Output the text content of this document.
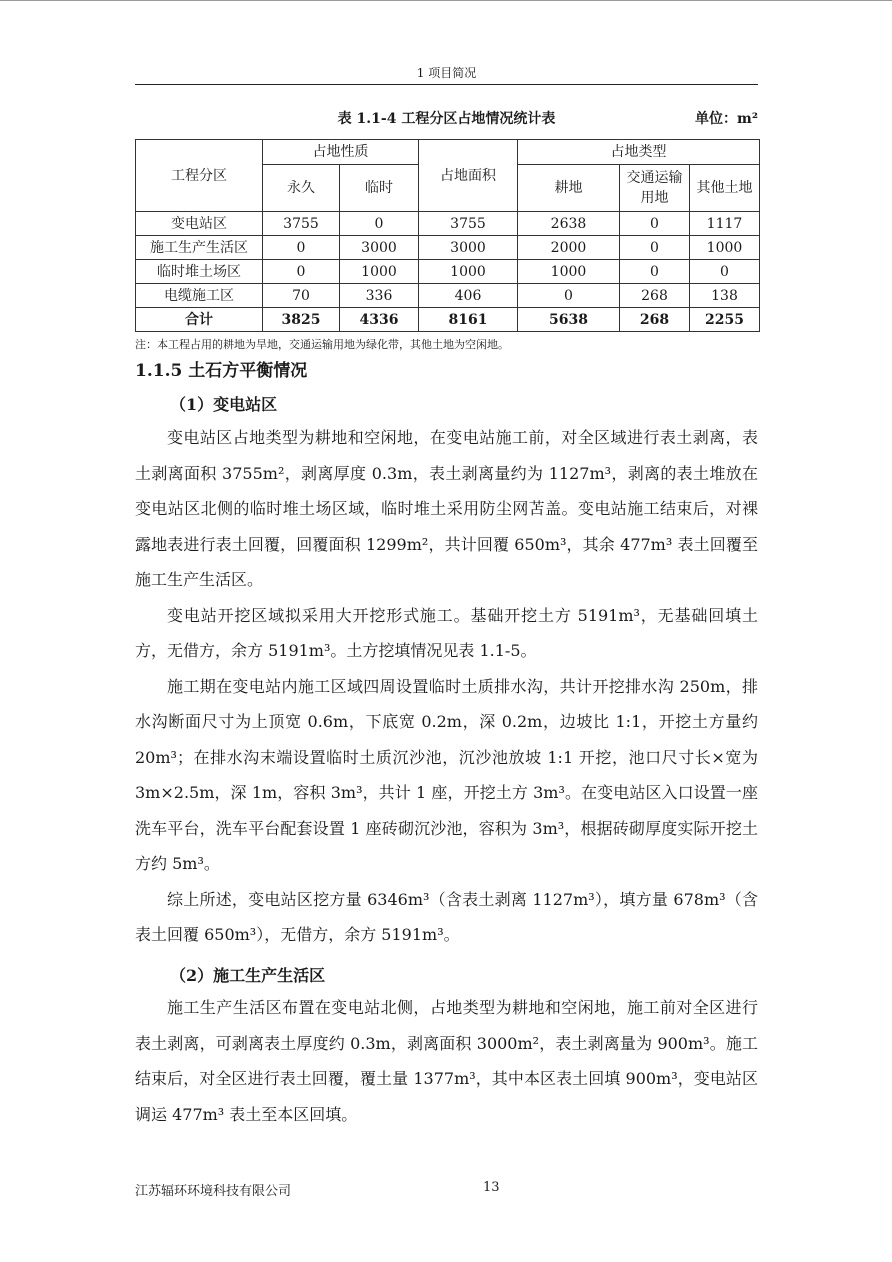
1 项目简况
表 1.1-4 工程分区占地情况统计表	单位：m²
工程分区	占地性质		占地面积	占地类型		
	永久	临时		耕地	交通运输用地	其他土地
变电站区	3755	0	3755	2638	0	1117
施工生产生活区	0	3000	3000	2000	0	1000
临时堆土场区	0	1000	1000	1000	0	0
电缆施工区	70	336	406	0	268	138
合计	3825	4336	8161	5638	268	2255
注：本工程占用的耕地为旱地，交通运输用地为绿化带，其他土地为空闲地。
1.1.5 土石方平衡情况
（1）变电站区

变电站区占地类型为耕地和空闲地，在变电站施工前，对全区域进行表土剥离，表土剥离面积 3755m²，剥离厚度 0.3m，表土剥离量约为 1127m³，剥离的表土堆放在变电站区北侧的临时堆土场区域，临时堆土采用防尘网苫盖。变电站施工结束后，对裸露地表进行表土回覆，回覆面积 1299m²，共计回覆 650m³，其余 477m³ 表土回覆至施工生产生活区。

变电站开挖区域拟采用大开挖形式施工。基础开挖土方 5191m³，无基础回填土方，无借方，余方 5191m³。土方挖填情况见表 1.1-5。

施工期在变电站内施工区域四周设置临时土质排水沟，共计开挖排水沟 250m，排水沟断面尺寸为上顶宽 0.6m，下底宽 0.2m，深 0.2m，边坡比 1:1，开挖土方量约 20m³；在排水沟末端设置临时土质沉沙池，沉沙池放坡 1:1 开挖，池口尺寸长×宽为 3m×2.5m，深 1m，容积 3m³，共计 1 座，开挖土方 3m³。在变电站区入口设置一座洗车平台，洗车平台配套设置 1 座砖砌沉沙池，容积为 3m³，根据砖砌厚度实际开挖土方约 5m³。

综上所述，变电站区挖方量 6346m³（含表土剥离 1127m³），填方量 678m³（含表土回覆 650m³），无借方，余方 5191m³。

（2）施工生产生活区

施工生产生活区布置在变电站北侧，占地类型为耕地和空闲地，施工前对全区进行表土剥离，可剥离表土厚度约 0.3m，剥离面积 3000m²，表土剥离量为 900m³。施工结束后，对全区进行表土回覆，覆土量 1377m³，其中本区表土回填 900m³，变电站区调运 477m³ 表土至本区回填。

江苏辐环环境科技有限公司	13
